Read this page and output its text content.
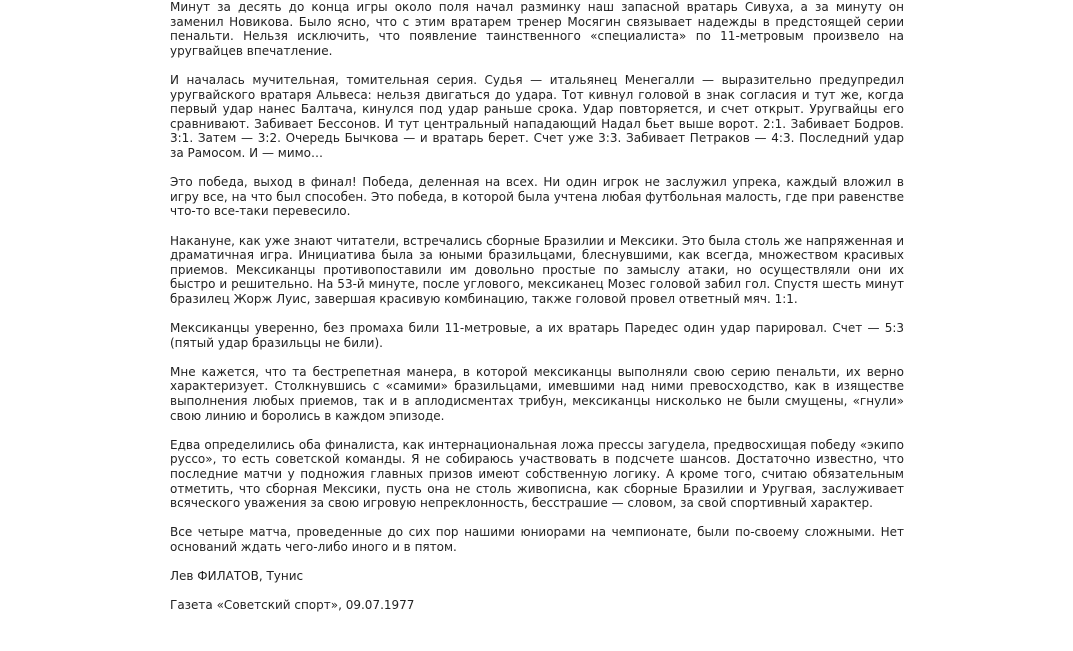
Минут за десять до конца игры около поля начал разминку наш запасной вратарь Сивуха, а за минуту он заменил Новикова. Было ясно, что с этим вратарем тренер Мосягин связывает надежды в предстоящей серии пенальти. Нельзя исключить, что появление таинственного «специалиста» по 11-метровым произвело на уругвайцев впечатление.

И началась мучительная, томительная серия. Судья — итальянец Менегалли — выразительно предупредил уругвайского вратаря Альвеса: нельзя двигаться до удара. Тот кивнул головой в знак согласия и тут же, когда первый удар нанес Балтача, кинулся под удар раньше срока. Удар повторяется, и счет открыт. Уругвайцы его сравнивают. Забивает Бессонов. И тут центральный нападающий Надал бьет выше ворот. 2:1. Забивает Бодров. 3:1. Затем — 3:2. Очередь Бычкова — и вратарь берет. Счет уже 3:3. Забивает Петраков — 4:3. Последний удар за Рамосом. И — мимо…

Это победа, выход в финал! Победа, деленная на всех. Ни один игрок не заслужил упрека, каждый вложил в игру все, на что был способен. Это победа, в которой была учтена любая футбольная малость, где при равенстве что-то все-таки перевесило.

Накануне, как уже знают читатели, встречались сборные Бразилии и Мексики. Это была столь же напряженная и драматичная игра. Инициатива была за юными бразильцами, блеснувшими, как всегда, множеством красивых приемов. Мексиканцы противопоставили им довольно простые по замыслу атаки, но осуществляли они их быстро и решительно. На 53-й минуте, после углового, мексиканец Мозес головой забил гол. Спустя шесть минут бразилец Жорж Луис, завершая красивую комбинацию, также головой провел ответный мяч. 1:1.

Мексиканцы уверенно, без промаха били 11-метровые, а их вратарь Паредес один удар парировал. Счет — 5:3 (пятый удар бразильцы не били).

Мне кажется, что та бестрепетная манера, в которой мексиканцы выполняли свою серию пенальти, их верно характеризует. Столкнувшись с «самими» бразильцами, имевшими над ними превосходство, как в изяществе выполнения любых приемов, так и в аплодисментах трибун, мексиканцы нисколько не были смущены, «гнули» свою линию и боролись в каждом эпизоде.

Едва определились оба финалиста, как интернациональная ложа прессы загудела, предвосхищая победу «экипо руссо», то есть советской команды. Я не собираюсь участвовать в подсчете шансов. Достаточно известно, что последние матчи у подножия главных призов имеют собственную логику. А кроме того, считаю обязательным отметить, что сборная Мексики, пусть она не столь живописна, как сборные Бразилии и Уругвая, заслуживает всяческого уважения за свою игровую непреклонность, бесстрашие — словом, за свой спортивный характер.

Все четыре матча, проведенные до сих пор нашими юниорами на чемпионате, были по-своему сложными. Нет оснований ждать чего-либо иного и в пятом.

Лев ФИЛАТОВ, Тунис

Газета «Советский спорт», 09.07.1977
